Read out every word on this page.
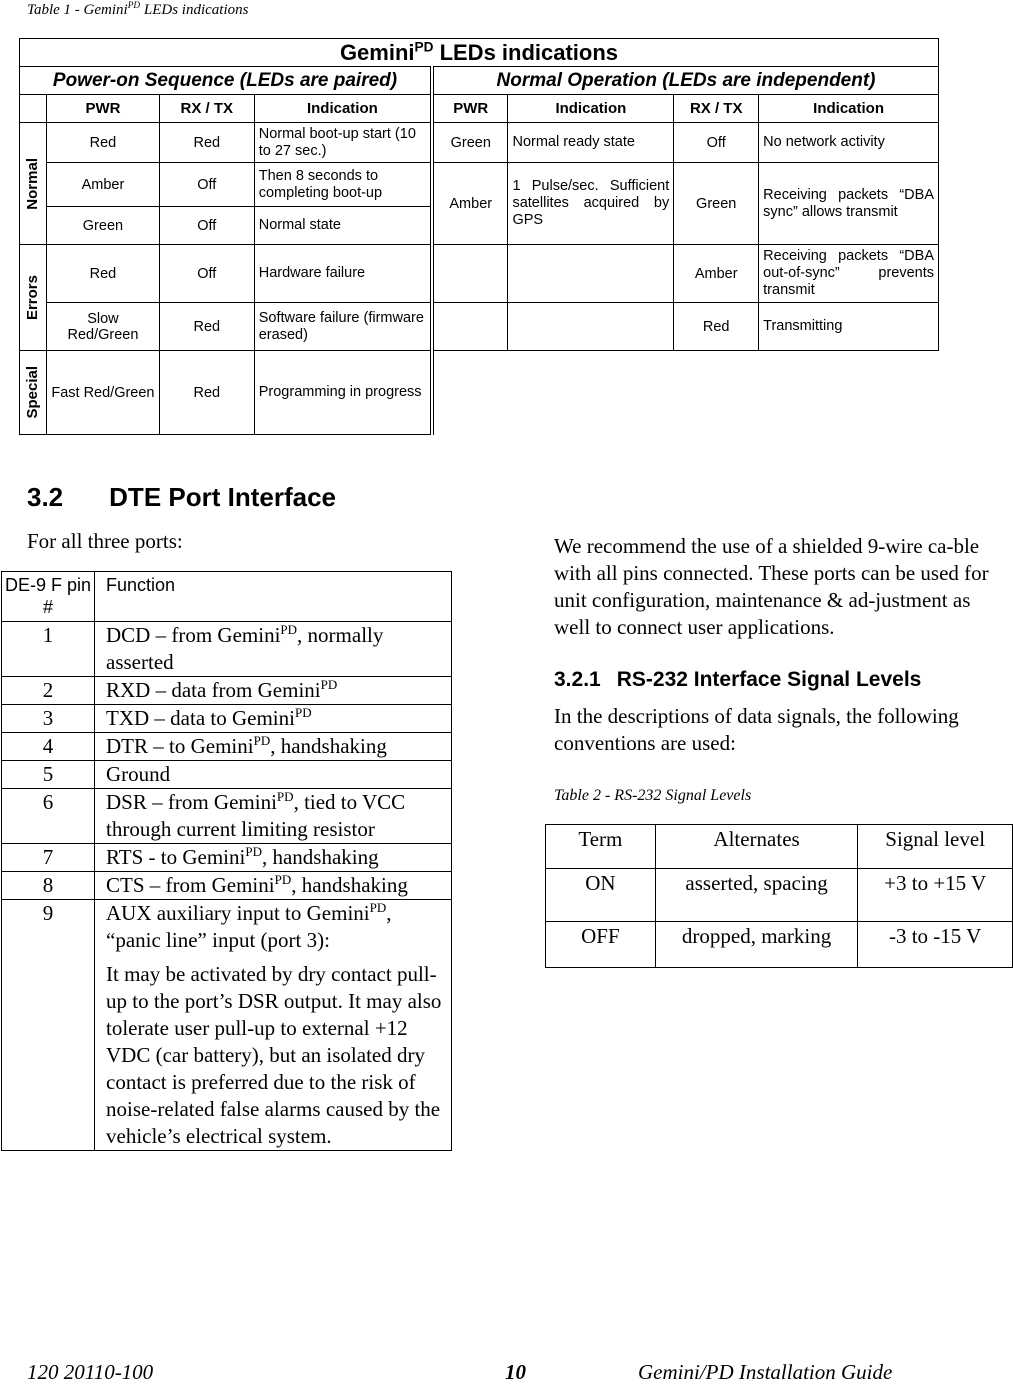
Table 1 - Gemini$^{PD}$ LEDs indications
Gemini$^{PD}$ LEDs indications							
Power-on Sequence (LEDs are paired)				Normal Operation (LEDs are independent)			
	PWR	RX / TX	Indication	PWR	Indication	RX / TX	Indication

Normal	Red	Red	Normal boot-up start (10 to 27 sec.)	Green	Normal ready state	Off	No network activity
	Amber	Off	Then 8 seconds to completing boot-up	Amber	1 Pulse/sec. Sufficient satellites acquired by GPS	Green	Receiving packets “DBA sync” allows transmit
	Green	Off	Normal state				

Errors	Red	Off	Hardware failure			Amber	Receiving packets “DBA out-of-sync” prevents transmit
	Slow Red/Green	Red	Software failure (firmware erased)			Red	Transmitting

Special	Fast Red/Green	Red	Programming in progress				
3.2 DTE Port Interface
For all three ports:
DE-9 F pin #	Function
1	DCD – from Gemini$^{PD}$, normally asserted
2	RXD – data from Gemini$^{PD}$
3	TXD – data to Gemini$^{PD}$
4	DTR – to Gemini$^{PD}$, handshaking
5	Ground
6	DSR – from Gemini$^{PD}$, tied to VCC through current limiting resistor
7	RTS - to Gemini$^{PD}$, handshaking
8	CTS – from Gemini$^{PD}$, handshaking
9	AUX auxiliary input to Gemini$^{PD}$, “panic line” input (port 3):
It may be activated by dry contact pull-up to the port’s DSR output. It may also tolerate user pull-up to external +12 VDC (car battery), but an isolated dry contact is preferred due to the risk of noise-related false alarms caused by the vehicle’s electrical system.
We recommend the use of a shielded 9-wire ca-ble with all pins connected. These ports can be used for unit configuration, maintenance & ad-justment as well to connect user applications.
3.2.1 RS-232 Interface Signal Levels
In the descriptions of data signals, the following conventions are used:
Table 2 - RS-232 Signal Levels
Term	Alternates	Signal level
ON	asserted, spacing	+3 to +15 V
OFF	dropped, marking	-3 to -15 V
120 20110-100	10	Gemini/PD Installation Guide
